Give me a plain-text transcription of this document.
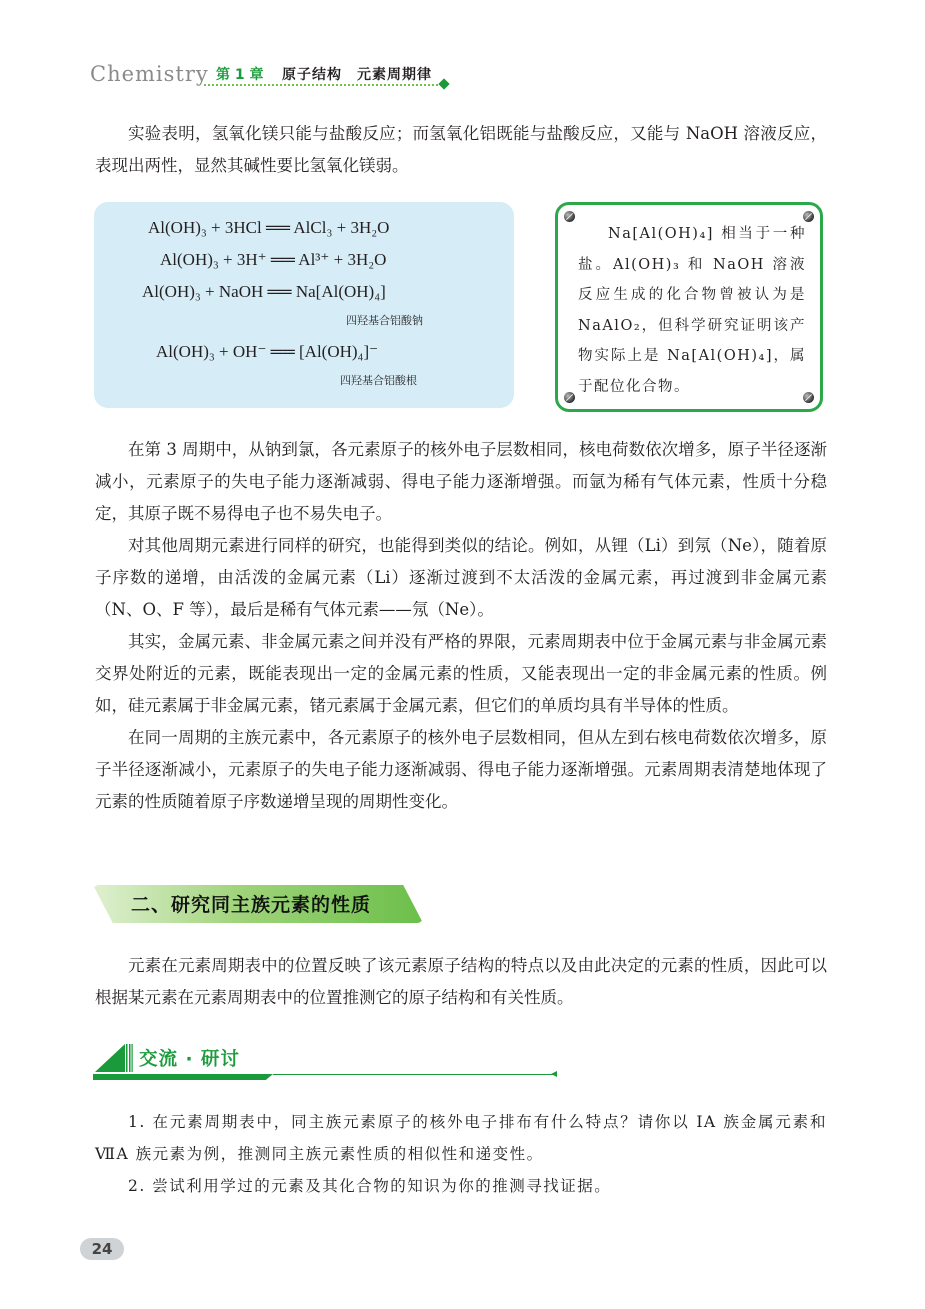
Chemistry 第 1 章 原子结构　元素周期律

实验表明，氢氧化镁只能与盐酸反应；而氢氧化铝既能与盐酸反应，又能与 NaOH 溶液反应，表现出两性，显然其碱性要比氢氧化镁弱。

Al(OH)₃ + 3HCl ══ AlCl₃ + 3H₂O
Al(OH)₃ + 3H⁺ ══ Al³⁺ + 3H₂O
Al(OH)₃ + NaOH ══ Na[Al(OH)₄]
四羟基合铝酸钠
Al(OH)₃ + OH⁻ ══ [Al(OH)₄]⁻
四羟基合铝酸根

Na[Al(OH)₄] 相当于一种盐。Al(OH)₃ 和 NaOH 溶液反应生成的化合物曾被认为是 NaAlO₂，但科学研究证明该产物实际上是 Na[Al(OH)₄]，属于配位化合物。

在第 3 周期中，从钠到氯，各元素原子的核外电子层数相同，核电荷数依次增多，原子半径逐渐减小，元素原子的失电子能力逐渐减弱、得电子能力逐渐增强。而氩为稀有气体元素，性质十分稳定，其原子既不易得电子也不易失电子。

对其他周期元素进行同样的研究，也能得到类似的结论。例如，从锂（Li）到氖（Ne），随着原子序数的递增，由活泼的金属元素（Li）逐渐过渡到不太活泼的金属元素，再过渡到非金属元素（N、O、F 等），最后是稀有气体元素——氖（Ne）。

其实，金属元素、非金属元素之间并没有严格的界限，元素周期表中位于金属元素与非金属元素交界处附近的元素，既能表现出一定的金属元素的性质，又能表现出一定的非金属元素的性质。例如，硅元素属于非金属元素，锗元素属于金属元素，但它们的单质均具有半导体的性质。

在同一周期的主族元素中，各元素原子的核外电子层数相同，但从左到右核电荷数依次增多，原子半径逐渐减小，元素原子的失电子能力逐渐减弱、得电子能力逐渐增强。元素周期表清楚地体现了元素的性质随着原子序数递增呈现的周期性变化。

二、研究同主族元素的性质

元素在元素周期表中的位置反映了该元素原子结构的特点以及由此决定的元素的性质，因此可以根据某元素在元素周期表中的位置推测它的原子结构和有关性质。

交流 · 研讨

1. 在元素周期表中，同主族元素原子的核外电子排布有什么特点？请你以 IA 族金属元素和ⅦA 族元素为例，推测同主族元素性质的相似性和递变性。

2. 尝试利用学过的元素及其化合物的知识为你的推测寻找证据。

24
